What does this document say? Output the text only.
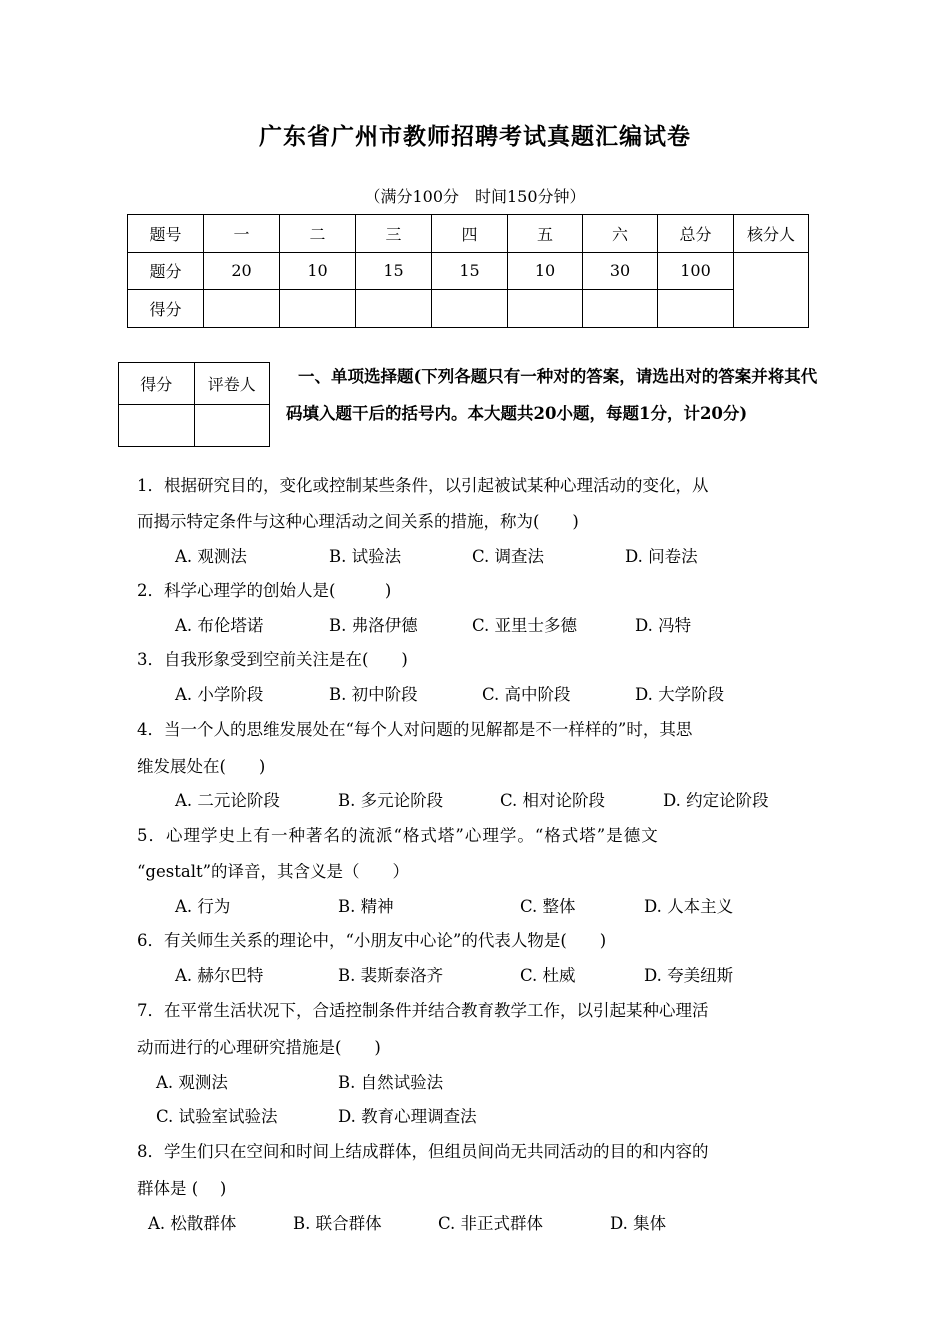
广东省广州市教师招聘考试真题汇编试卷
（满分100分　时间150分钟）
题号	一	二	三	四	五	六	总分	核分人
题分	20	10	15	15	10	30	100	
得分								
得分	评卷人
		一、单项选择题(下列各题只有一种对的答案，请选出对的答案并将其代码填入题干后的括号内。本大题共20小题，每题1分，计20分)
1．根据研究目的，变化或控制某些条件，以引起被试某种心理活动的变化，从
而揭示特定条件与这种心理活动之间关系的措施，称为(　　)
A. 观测法	B. 试验法	C. 调查法	D. 问卷法
2．科学心理学的创始人是(　　　)
A. 布伦塔诺	B. 弗洛伊德	C. 亚里士多德	D. 冯特
3．自我形象受到空前关注是在(　　)
A. 小学阶段	B. 初中阶段	C. 高中阶段	D. 大学阶段
4．当一个人的思维发展处在“每个人对问题的见解都是不一样样的”时，其思
维发展处在(　　)
A. 二元论阶段	B. 多元论阶段	C. 相对论阶段	D. 约定论阶段
5．心理学史上有一种著名的流派“格式塔”心理学。“格式塔”是德文
“gestalt”的译音，其含义是（　　）
A. 行为	B. 精神	C. 整体	D. 人本主义
6．有关师生关系的理论中，“小朋友中心论”的代表人物是(　　)
A. 赫尔巴特	B. 裴斯泰洛齐	C. 杜威	D. 夸美纽斯
7．在平常生活状况下，合适控制条件并结合教育教学工作，以引起某种心理活
动而进行的心理研究措施是(　　)
A. 观测法	B. 自然试验法
C. 试验室试验法	D. 教育心理调查法
8．学生们只在空间和时间上结成群体，但组员间尚无共同活动的目的和内容的
群体是 (　 )
A. 松散群体	B. 联合群体	C. 非正式群体	D. 集体
